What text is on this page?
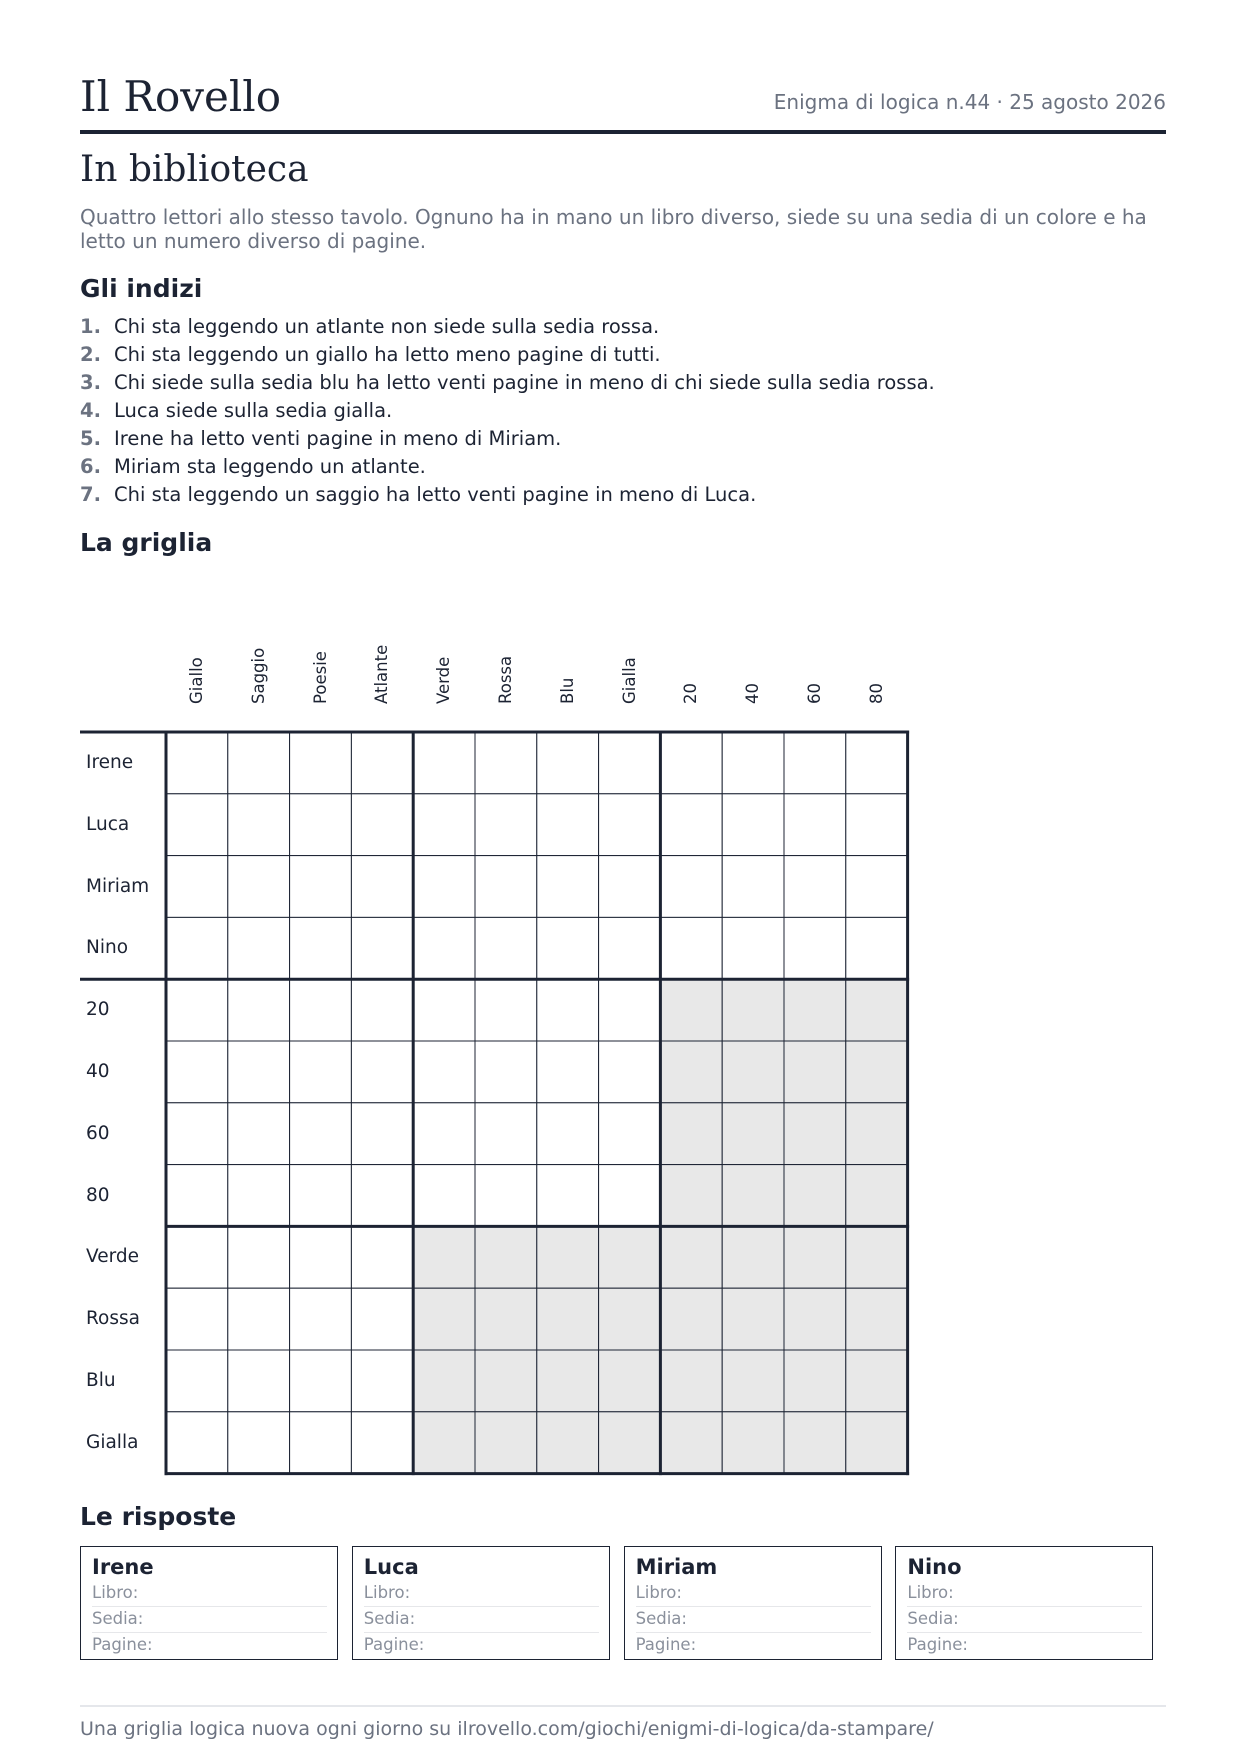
Il Rovello	Enigma di logica n.44 · 25 agosto 2026
In biblioteca
Quattro lettori allo stesso tavolo. Ognuno ha in mano un libro diverso, siede su una sedia di un colore e ha letto un numero diverso di pagine.
Gli indizi
1. Chi sta leggendo un atlante non siede sulla sedia rossa.
2. Chi sta leggendo un giallo ha letto meno pagine di tutti.
3. Chi siede sulla sedia blu ha letto venti pagine in meno di chi siede sulla sedia rossa.
4. Luca siede sulla sedia gialla.
5. Irene ha letto venti pagine in meno di Miriam.
6. Miriam sta leggendo un atlante.
7. Chi sta leggendo un saggio ha letto venti pagine in meno di Luca.
La griglia
Giallo	Saggio	Poesie	Atlante	Verde	Rossa	Blu	Gialla	20	40	60	80
Irene
Luca
Miriam
Nino
20
40
60
80
Verde
Rossa
Blu
Gialla
Le risposte
Irene
Libro:
Sedia:
Pagine:
Luca
Libro:
Sedia:
Pagine:
Miriam
Libro:
Sedia:
Pagine:
Nino
Libro:
Sedia:
Pagine:
Una griglia logica nuova ogni giorno su ilrovello.com/giochi/enigmi-di-logica/da-stampare/
